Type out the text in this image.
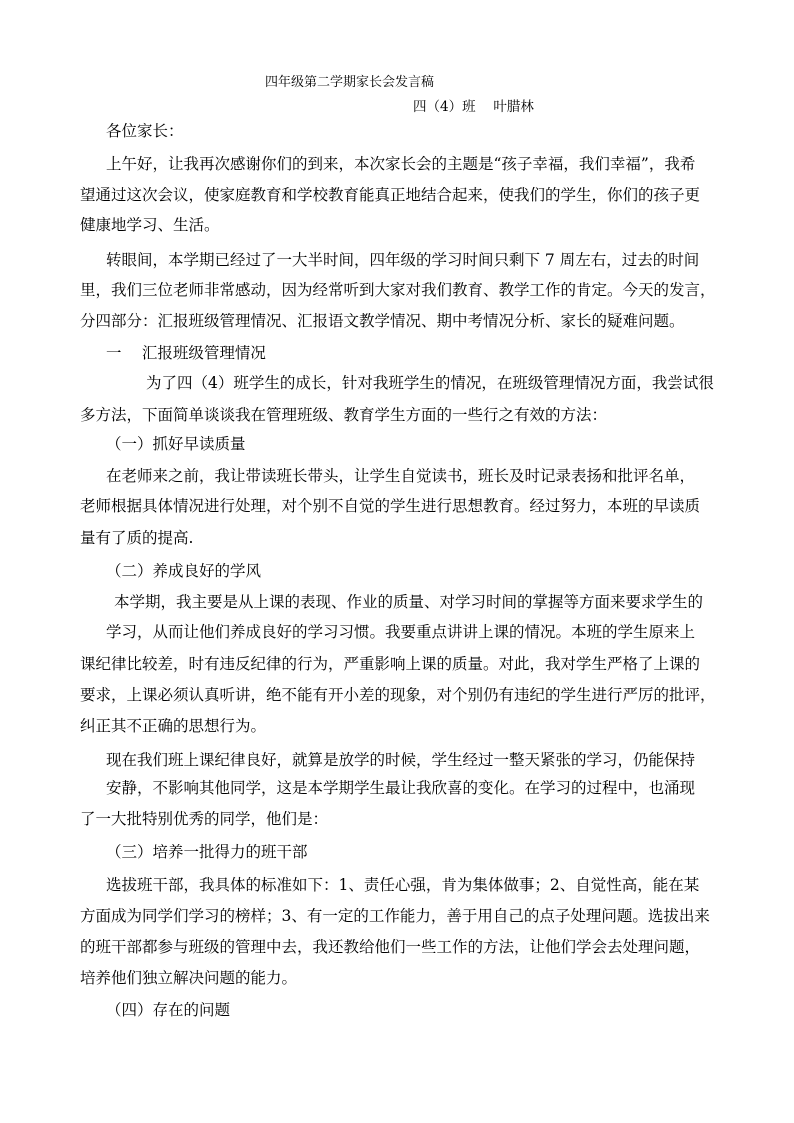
四年级第二学期家长会发言稿
四（4）班　 叶腊林
各位家长：
上午好，让我再次感谢你们的到来，本次家长会的主题是“孩子幸福，我们幸福”，我希
望通过这次会议，使家庭教育和学校教育能真正地结合起来，使我们的学生，你们的孩子更
健康地学习、生活。
转眼间，本学期已经过了一大半时间，四年级的学习时间只剩下 7 周左右，过去的时间
里，我们三位老师非常感动，因为经常听到大家对我们教育、教学工作的肯定。今天的发言，
分四部分：汇报班级管理情况、汇报语文教学情况、期中考情况分析、家长的疑难问题。
一　 汇报班级管理情况
为了四（4）班学生的成长，针对我班学生的情况，在班级管理情况方面，我尝试很
多方法，下面简单谈谈我在管理班级、教育学生方面的一些行之有效的方法：
（一）抓好早读质量
在老师来之前，我让带读班长带头，让学生自觉读书，班长及时记录表扬和批评名单，
老师根据具体情况进行处理，对个别不自觉的学生进行思想教育。经过努力，本班的早读质
量有了质的提高.
（二）养成良好的学风
本学期，我主要是从上课的表现、作业的质量、对学习时间的掌握等方面来要求学生的
学习，从而让他们养成良好的学习习惯。我要重点讲讲上课的情况。本班的学生原来上
课纪律比较差，时有违反纪律的行为，严重影响上课的质量。对此，我对学生严格了上课的
要求，上课必须认真听讲，绝不能有开小差的现象，对个别仍有违纪的学生进行严厉的批评，
纠正其不正确的思想行为。
现在我们班上课纪律良好，就算是放学的时候，学生经过一整天紧张的学习，仍能保持
安静，不影响其他同学，这是本学期学生最让我欣喜的变化。在学习的过程中，也涌现
了一大批特别优秀的同学，他们是：
（三）培养一批得力的班干部
选拔班干部，我具体的标准如下：1、责任心强，肯为集体做事；2、自觉性高，能在某
方面成为同学们学习的榜样；3、有一定的工作能力，善于用自己的点子处理问题。选拔出来
的班干部都参与班级的管理中去，我还教给他们一些工作的方法，让他们学会去处理问题，
培养他们独立解决问题的能力。
（四）存在的问题
